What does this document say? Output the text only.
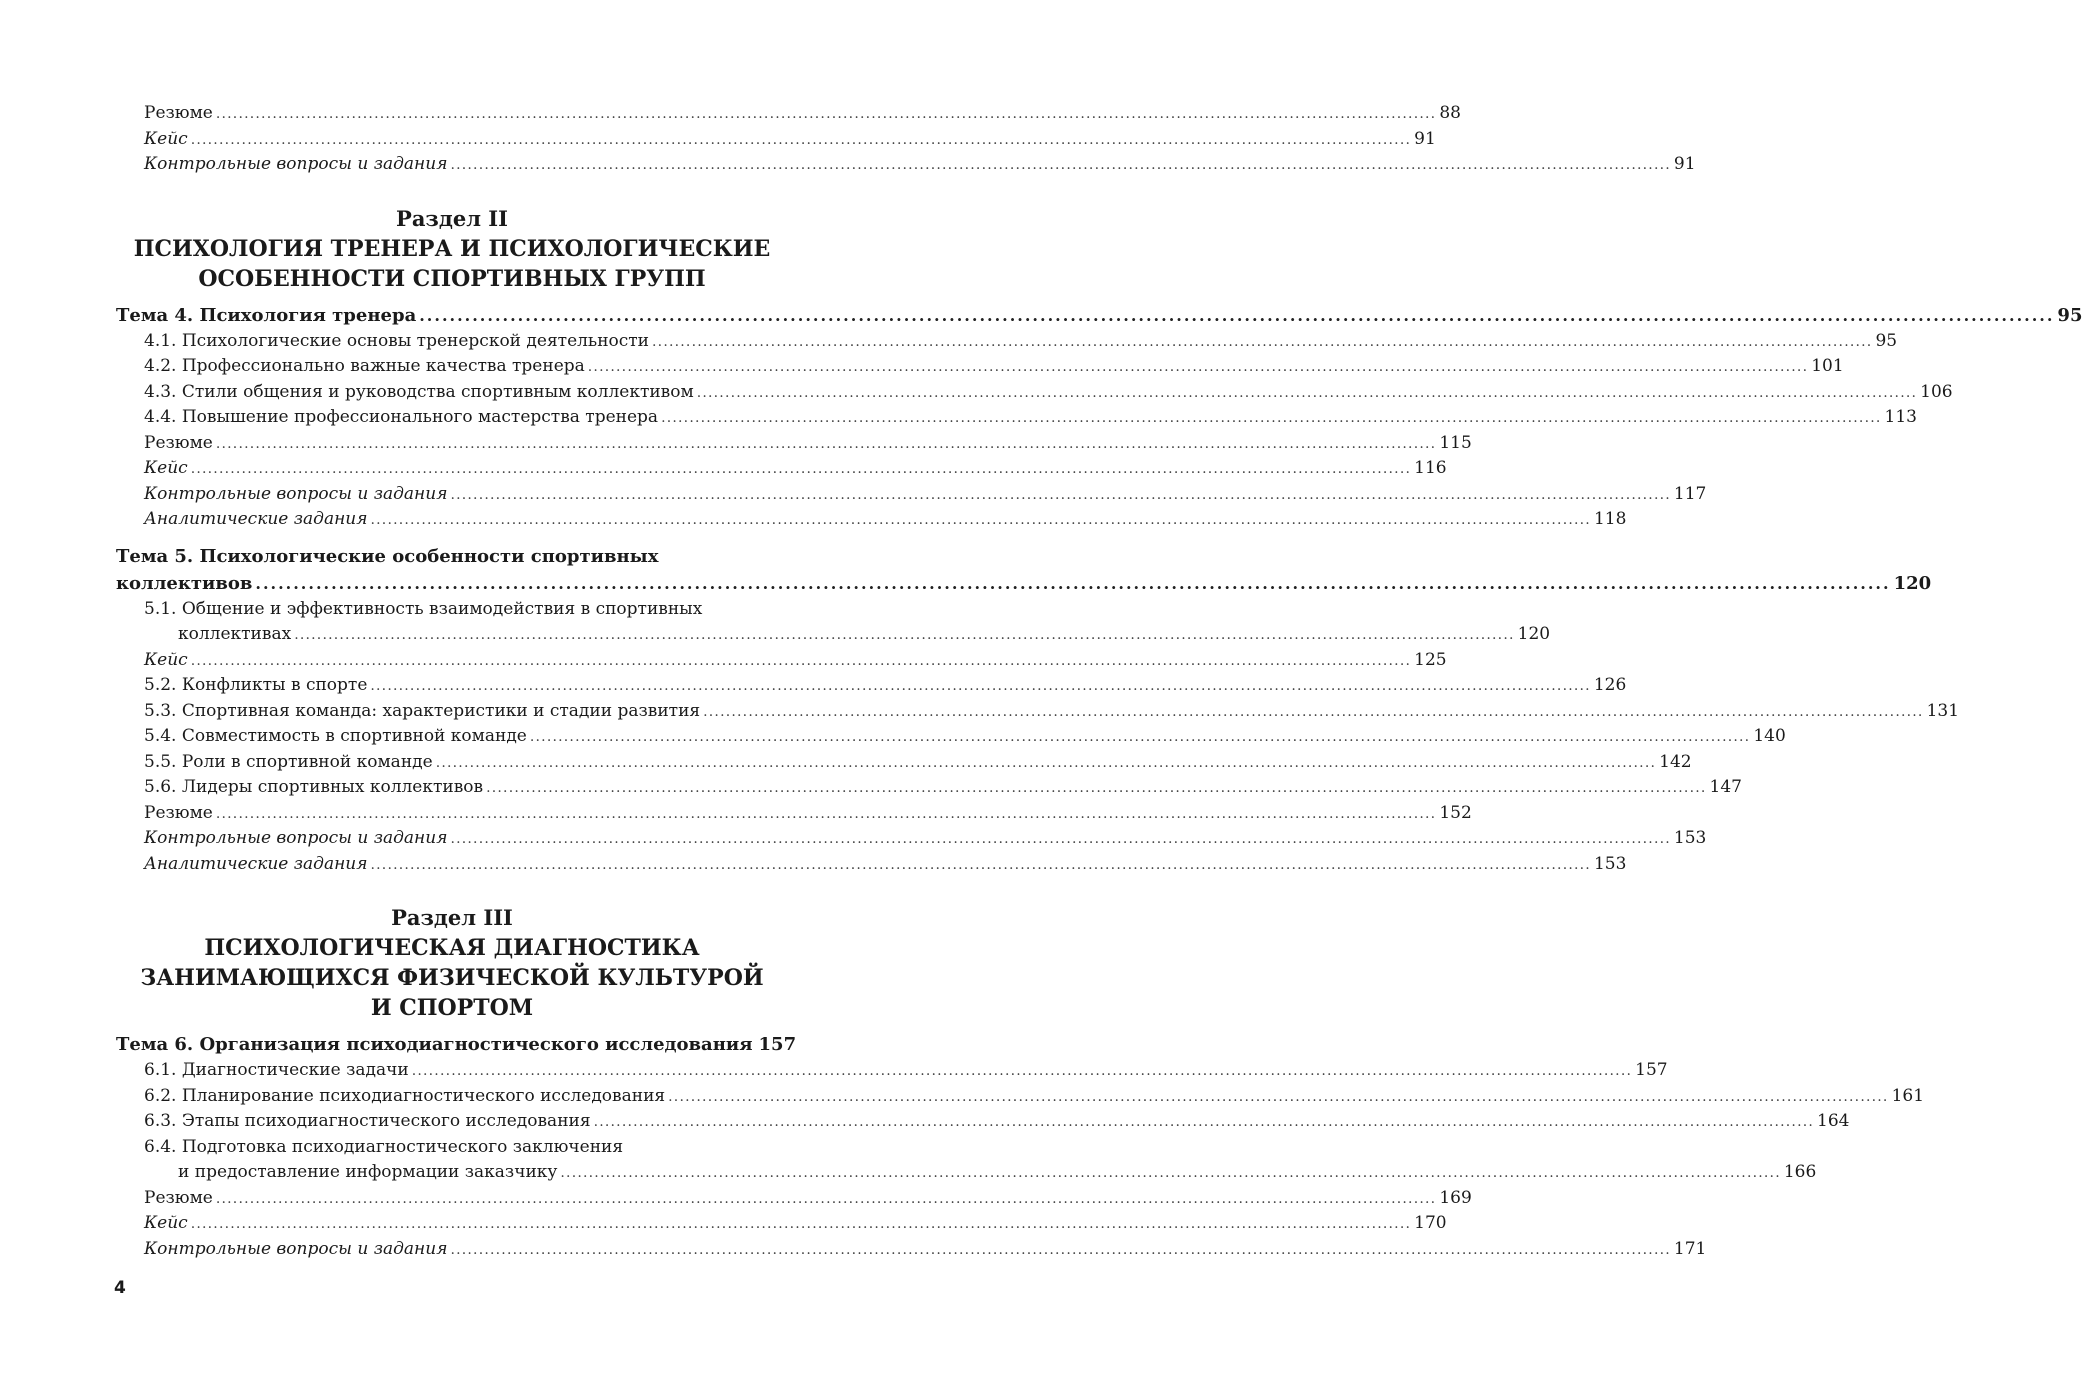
Резюме .....	88
Кейс .....	91
Контрольные вопросы и задания .....	91
Раздел II
ПСИХОЛОГИЯ ТРЕНЕРА И ПСИХОЛОГИЧЕСКИЕ
ОСОБЕННОСТИ СПОРТИВНЫХ ГРУПП
Тема 4. Психология тренера .....	95
4.1. Психологические основы тренерской деятельности .....	95
4.2. Профессионально важные качества тренера .....	101
4.3. Стили общения и руководства спортивным коллективом .....	106
4.4. Повышение профессионального мастерства тренера .....	113
Резюме .....	115
Кейс .....	116
Контрольные вопросы и задания .....	117
Аналитические задания .....	118
Тема 5. Психологические особенности спортивных
коллективов .....	120
5.1. Общение и эффективность взаимодействия в спортивных
коллективах .....	120
Кейс .....	125
5.2. Конфликты в спорте .....	126
5.3. Спортивная команда: характеристики и стадии развития .....	131
5.4. Совместимость в спортивной команде .....	140
5.5. Роли в спортивной команде .....	142
5.6. Лидеры спортивных коллективов .....	147
Резюме .....	152
Контрольные вопросы и задания .....	153
Аналитические задания .....	153
Раздел III
ПСИХОЛОГИЧЕСКАЯ ДИАГНОСТИКА
ЗАНИМАЮЩИХСЯ ФИЗИЧЕСКОЙ КУЛЬТУРОЙ
И СПОРТОМ
Тема 6. Организация психодиагностического исследования 157
6.1. Диагностические задачи .....	157
6.2. Планирование психодиагностического исследования .....	161
6.3. Этапы психодиагностического исследования .....	164
6.4. Подготовка психодиагностического заключения
и предоставление информации заказчику .....	166
Резюме .....	169
Кейс .....	170
Контрольные вопросы и задания .....	171
4
